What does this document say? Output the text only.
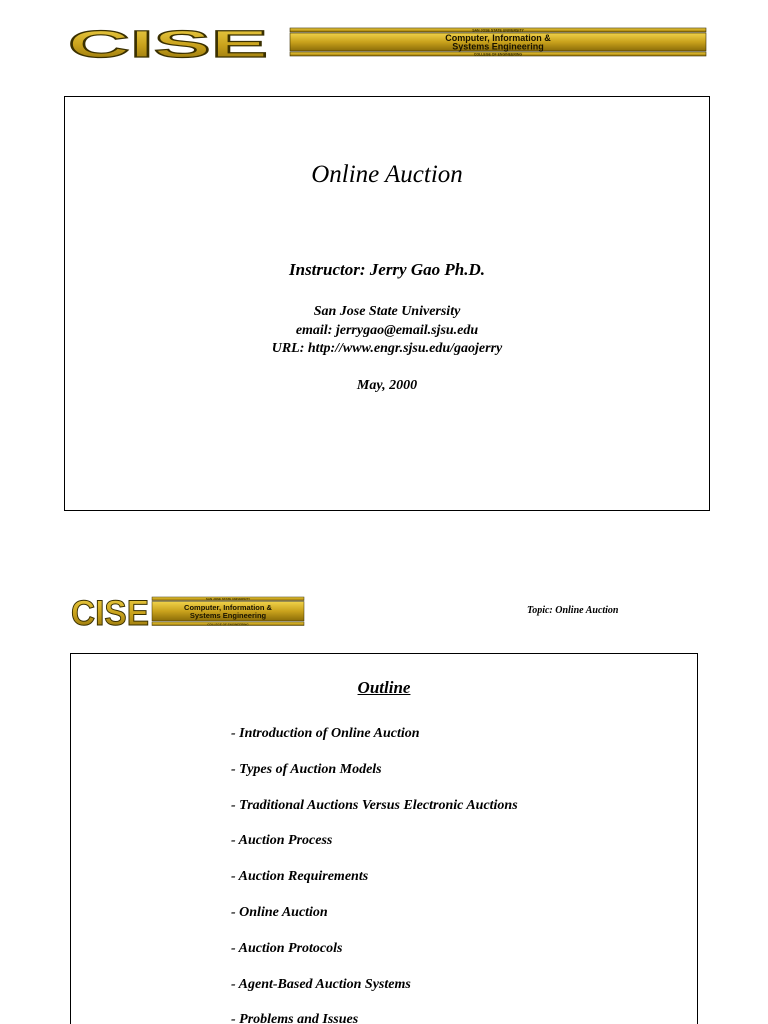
CISE	Computer, Information &
Systems Engineering
SAN JOSE STATE UNIVERSITY
COLLEGE OF ENGINEERING
Online Auction
Instructor: Jerry Gao Ph.D.
San Jose State University
email: jerrygao@email.sjsu.edu
URL: http://www.engr.sjsu.edu/gaojerry
May, 2000
CISE	Computer, Information &
Systems Engineering
SAN JOSE STATE UNIVERSITY
COLLEGE OF ENGINEERING
Topic: Online Auction
Outline
- Introduction of Online Auction
- Types of Auction Models
- Traditional Auctions Versus Electronic Auctions
- Auction Process
- Auction Requirements
- Online Auction
- Auction Protocols
- Agent-Based Auction Systems
- Problems and Issues
